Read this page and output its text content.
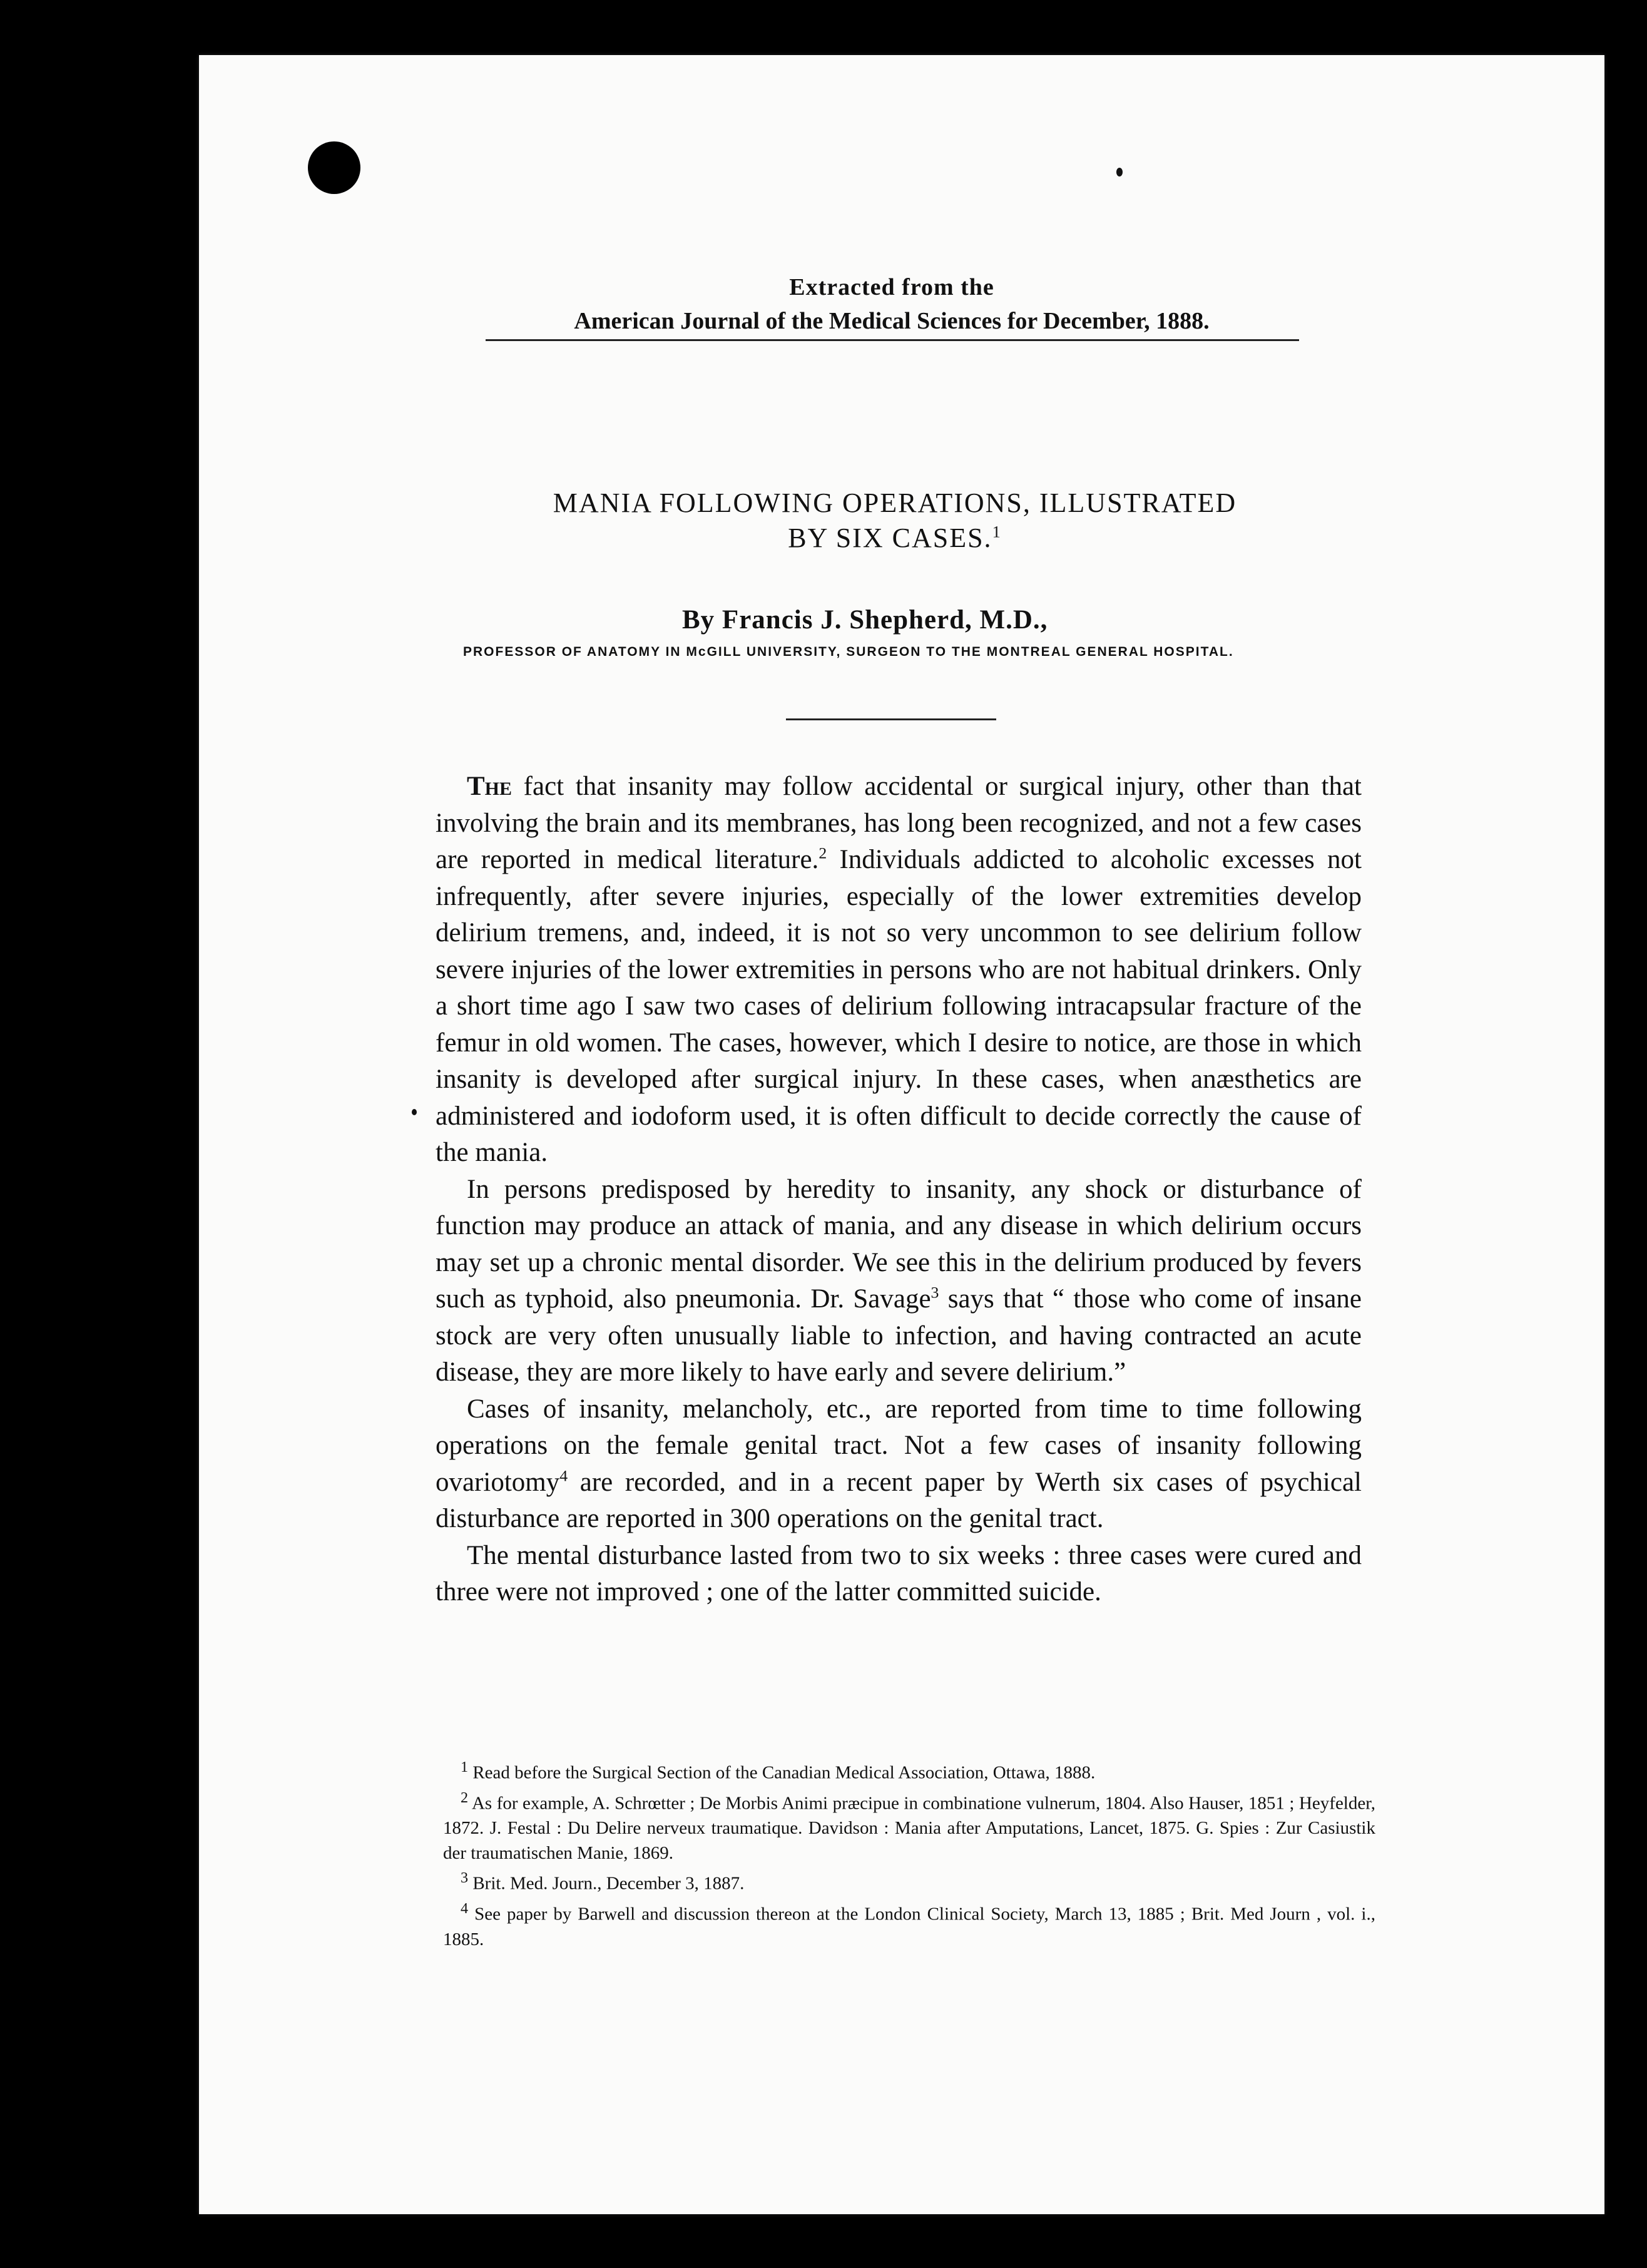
Extracted from the
American Journal of the Medical Sciences for December, 1888.
MANIA FOLLOWING OPERATIONS, ILLUSTRATED
BY SIX CASES.$^1$
By Francis J. Shepherd, M.D.,
PROFESSOR OF ANATOMY IN McGILL UNIVERSITY, SURGEON TO THE MONTREAL GENERAL HOSPITAL.

The fact that insanity may follow accidental or surgical injury, other than that involving the brain and its membranes, has long been recognized, and not a few cases are reported in medical literature.$^2$ Individuals addicted to alcoholic excesses not infrequently, after severe injuries, especially of the lower extremities develop delirium tremens, and, indeed, it is not so very uncommon to see delirium follow severe injuries of the lower extremities in persons who are not habitual drinkers. Only a short time ago I saw two cases of delirium following intracapsular fracture of the femur in old women. The cases, however, which I desire to notice, are those in which insanity is developed after surgical injury. In these cases, when anæsthetics are administered and iodoform used, it is often difficult to decide correctly the cause of the mania.

In persons predisposed by heredity to insanity, any shock or disturbance of function may produce an attack of mania, and any disease in which delirium occurs may set up a chronic mental disorder. We see this in the delirium produced by fevers such as typhoid, also pneumonia. Dr. Savage$^3$ says that “ those who come of insane stock are very often unusually liable to infection, and having contracted an acute disease, they are more likely to have early and severe delirium.”

Cases of insanity, melancholy, etc., are reported from time to time following operations on the female genital tract. Not a few cases of insanity following ovariotomy$^4$ are recorded, and in a recent paper by Werth six cases of psychical disturbance are reported in 300 operations on the genital tract.

The mental disturbance lasted from two to six weeks : three cases were cured and three were not improved ; one of the latter committed suicide.

$^1$ Read before the Surgical Section of the Canadian Medical Association, Ottawa, 1888.

$^2$ As for example, A. Schrœtter ; De Morbis Animi præcipue in combinatione vulnerum, 1804. Also Hauser, 1851 ; Heyfelder, 1872. J. Festal : Du Delire nerveux traumatique. Davidson : Mania after Amputations, Lancet, 1875. G. Spies : Zur Casiustik der traumatischen Manie, 1869.

$^3$ Brit. Med. Journ., December 3, 1887.

$^4$ See paper by Barwell and discussion thereon at the London Clinical Society, March 13, 1885 ; Brit. Med Journ , vol. i., 1885.
